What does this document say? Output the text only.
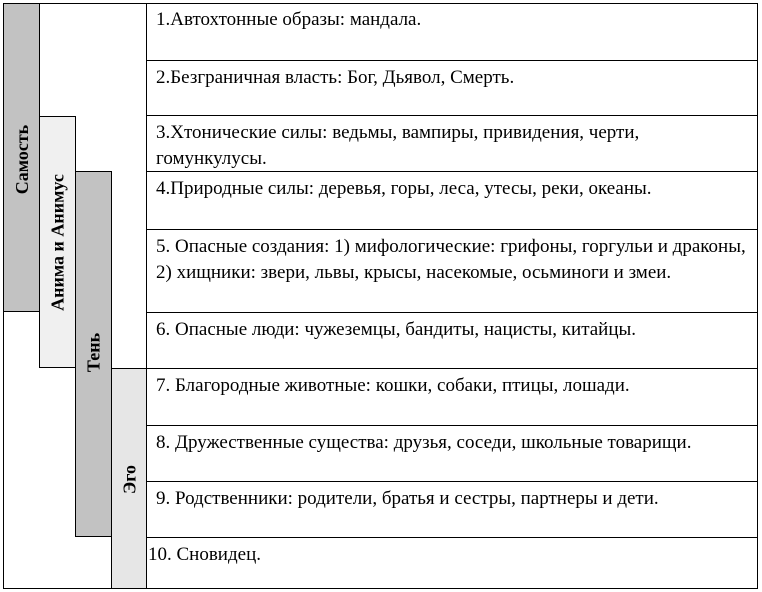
Самость
Анима и Анимус
Тень
Эго
1.Автохтонные образы: мандала.
2.Безграничная власть: Бог, Дьявол, Смерть.
3.Хтонические силы: ведьмы, вампиры, привидения, черти, гомункулусы.
4.Природные силы: деревья, горы, леса, утесы, реки, океаны.
5. Опасные создания: 1) мифологические: грифоны, горгульи и драконы, 2) хищники: звери, львы, крысы, насекомые, осьминоги и змеи.
6. Опасные люди: чужеземцы, бандиты, нацисты, китайцы.
7. Благородные животные: кошки, собаки, птицы, лошади.
8. Дружественные существа: друзья, соседи, школьные товарищи.
9. Родственники: родители, братья и сестры, партнеры и дети.
10. Сновидец.
